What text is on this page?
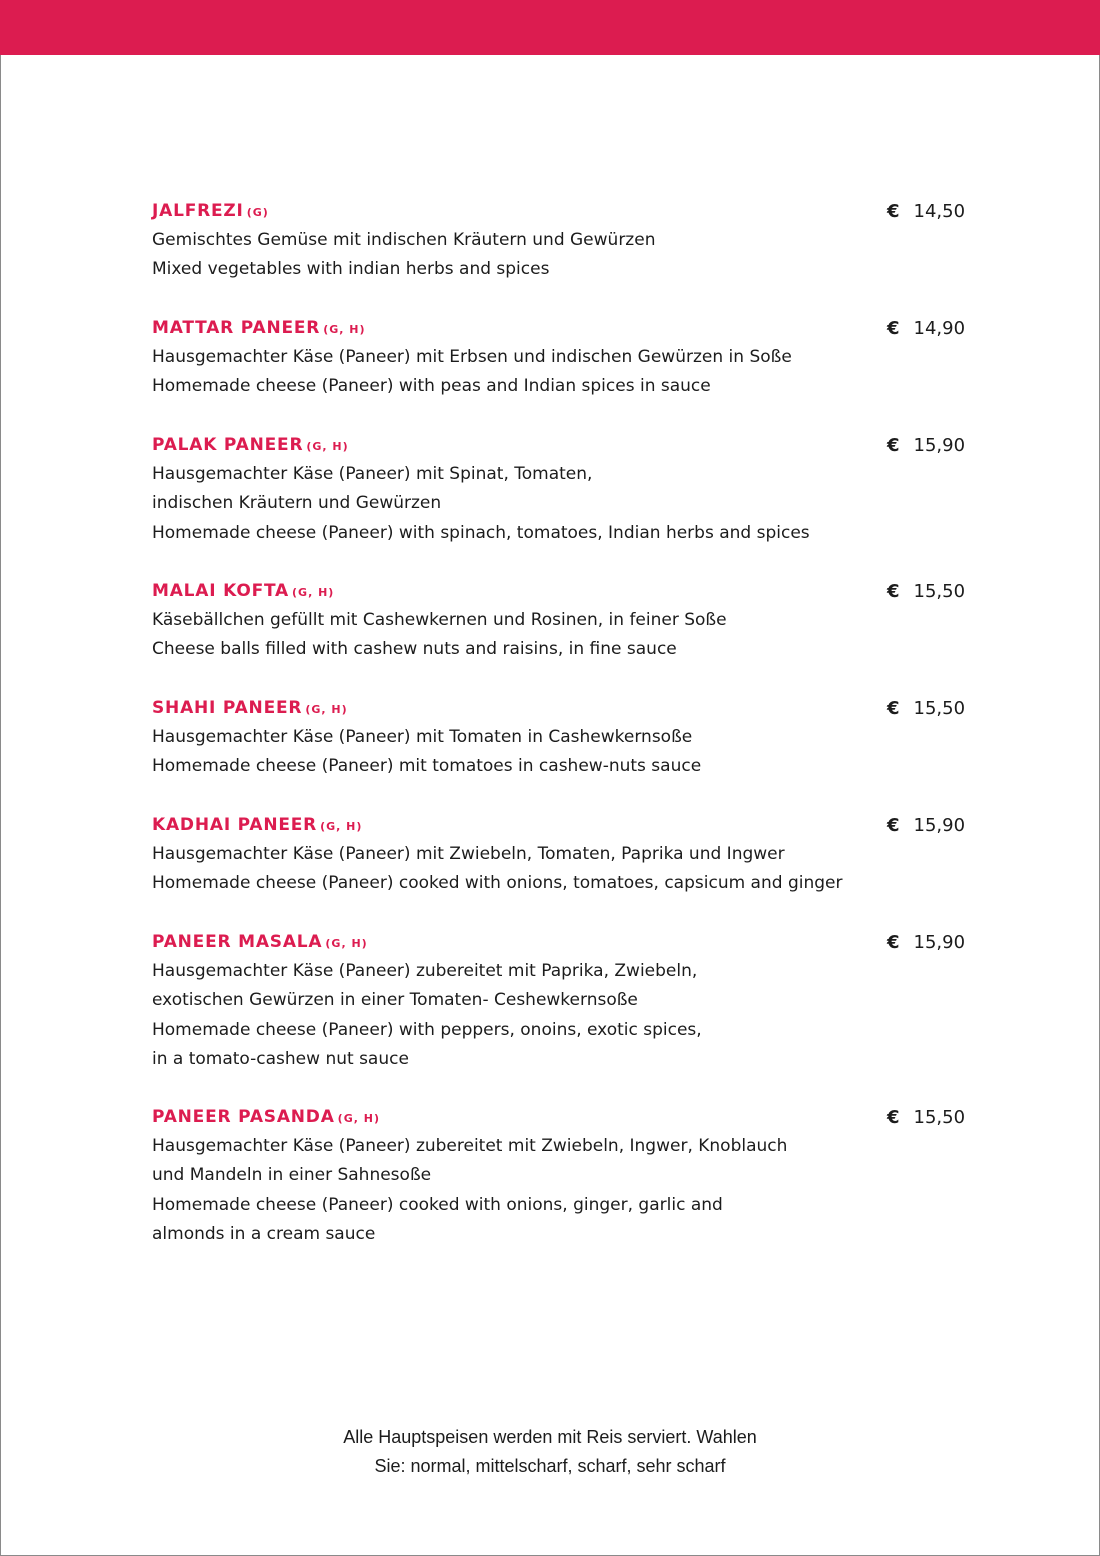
JALFREZI (G)	€ 14,50
Gemischtes Gemüse mit indischen Kräutern und Gewürzen
Mixed vegetables with indian herbs and spices
MATTAR PANEER (G, H)	€ 14,90
Hausgemachter Käse (Paneer) mit Erbsen und indischen Gewürzen in Soße
Homemade cheese (Paneer) with peas and Indian spices in sauce
PALAK PANEER (G, H)	€ 15,90
Hausgemachter Käse (Paneer) mit Spinat, Tomaten,
indischen Kräutern und Gewürzen
Homemade cheese (Paneer) with spinach, tomatoes, Indian herbs and spices
MALAI KOFTA (G, H)	€ 15,50
Käsebällchen gefüllt mit Cashewkernen und Rosinen, in feiner Soße
Cheese balls filled with cashew nuts and raisins, in fine sauce
SHAHI PANEER (G, H)	€ 15,50
Hausgemachter Käse (Paneer) mit Tomaten in Cashewkernsoße
Homemade cheese (Paneer) mit tomatoes in cashew-nuts sauce
KADHAI PANEER (G, H)	€ 15,90
Hausgemachter Käse (Paneer) mit Zwiebeln, Tomaten, Paprika und Ingwer
Homemade cheese (Paneer) cooked with onions, tomatoes, capsicum and ginger
PANEER MASALA (G, H)	€ 15,90
Hausgemachter Käse (Paneer) zubereitet mit Paprika, Zwiebeln,
exotischen Gewürzen in einer Tomaten- Ceshewkernsoße
Homemade cheese (Paneer) with peppers, onoins, exotic spices,
in a tomato-cashew nut sauce
PANEER PASANDA (G, H)	€ 15,50
Hausgemachter Käse (Paneer) zubereitet mit Zwiebeln, Ingwer, Knoblauch
und Mandeln in einer Sahnesoße
Homemade cheese (Paneer) cooked with onions, ginger, garlic and
almonds in a cream sauce
Alle Hauptspeisen werden mit Reis serviert. Wahlen
Sie: normal, mittelscharf, scharf, sehr scharf
